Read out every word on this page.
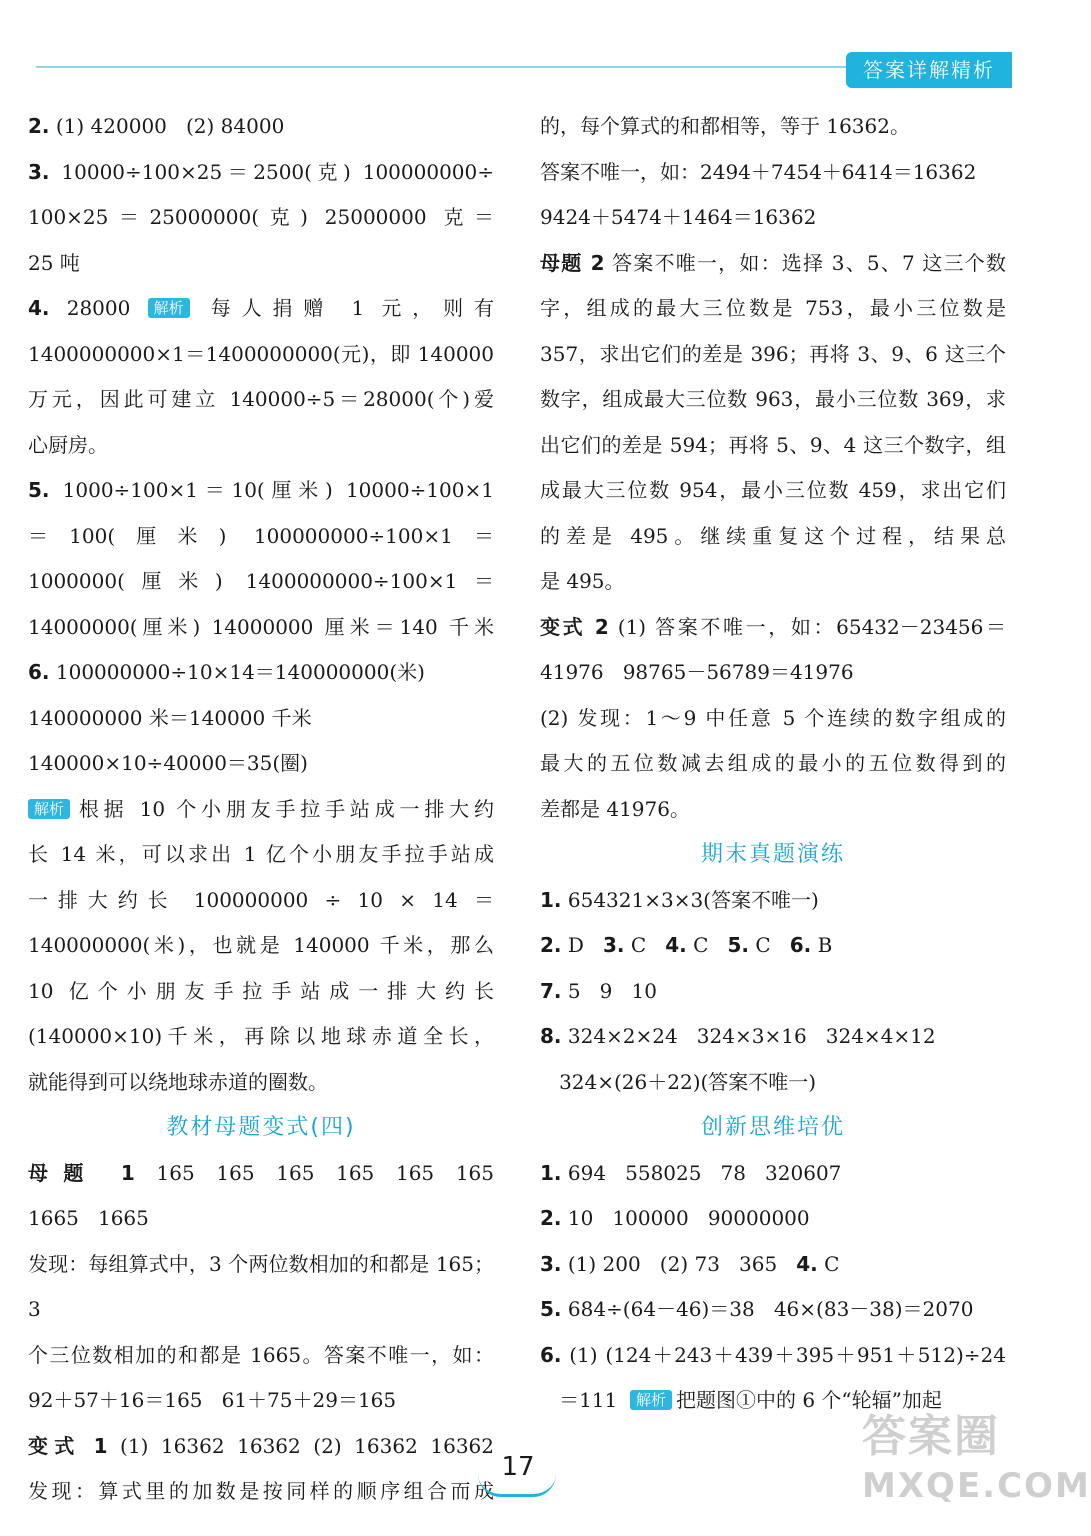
答案详解精析

2. (1) 420000   (2) 84000

3. 10000÷100×25＝2500(克) 100000000÷

100×25＝25000000(克) 25000000 克＝

25 吨

4. 28000 解析 每人捐赠 1 元，则有

1400000000×1＝1400000000(元)，即 140000

万元，因此可建立 140000÷5＝28000(个)爱

心厨房。

5. 1000÷100×1＝10(厘米) 10000÷100×1

＝100(厘米) 100000000÷100×1＝

1000000(厘米) 1400000000÷100×1＝

14000000(厘米) 14000000 厘米＝140 千米

6. 100000000÷10×14＝140000000(米)

140000000 米＝140000 千米

140000×10÷40000＝35(圈)

解析 根据 10 个小朋友手拉手站成一排大约

长 14 米，可以求出 1 亿个小朋友手拉手站成

一排大约长 100000000 ÷ 10 × 14 ＝

140000000(米)，也就是 140000 千米，那么

10 亿个小朋友手拉手站成一排大约长

(140000×10)千米，再除以地球赤道全长，

就能得到可以绕地球赤道的圈数。

教材母题变式(四)

母题 1 165 165 165 165 165 165

1665   1665

发现：每组算式中，3 个两位数相加的和都是 165；3

个三位数相加的和都是 1665。答案不唯一，如：

92＋57＋16＝165   61＋75＋29＝165

变式 1 (1) 16362 16362 (2) 16362 16362

发现：算式里的加数是按同样的顺序组合而成

的，每个算式的和都相等，等于 16362。

答案不唯一，如：2494＋7454＋6414＝16362

9424＋5474＋1464＝16362

母题 2 答案不唯一，如：选择 3、5、7 这三个数

字，组成的最大三位数是 753，最小三位数是

357，求出它们的差是 396；再将 3、9、6 这三个

数字，组成最大三位数 963，最小三位数 369，求

出它们的差是 594；再将 5、9、4 这三个数字，组

成最大三位数 954，最小三位数 459，求出它们

的差是 495。继续重复这个过程，结果总

是 495。

变式 2 (1) 答案不唯一，如：65432－23456＝

41976   98765－56789＝41976

(2) 发现：1～9 中任意 5 个连续的数字组成的

最大的五位数减去组成的最小的五位数得到的

差都是 41976。

期末真题演练

1. 654321×3×3(答案不唯一)

2. D   3. C   4. C   5. C   6. B

7. 5   9   10

8. 324×2×24   324×3×16   324×4×12

324×(26＋22)(答案不唯一)

创新思维培优

1. 694   558025   78   320607

2. 10   100000   90000000

3. (1) 200   (2) 73   365   4. C

5. 684÷(64－46)＝38   46×(83－38)＝2070

6. (1) (124＋243＋439＋395＋951＋512)÷24

＝111  解析 把题图①中的 6 个“轮辐”加起

17
答案圈
MXQE.COM
